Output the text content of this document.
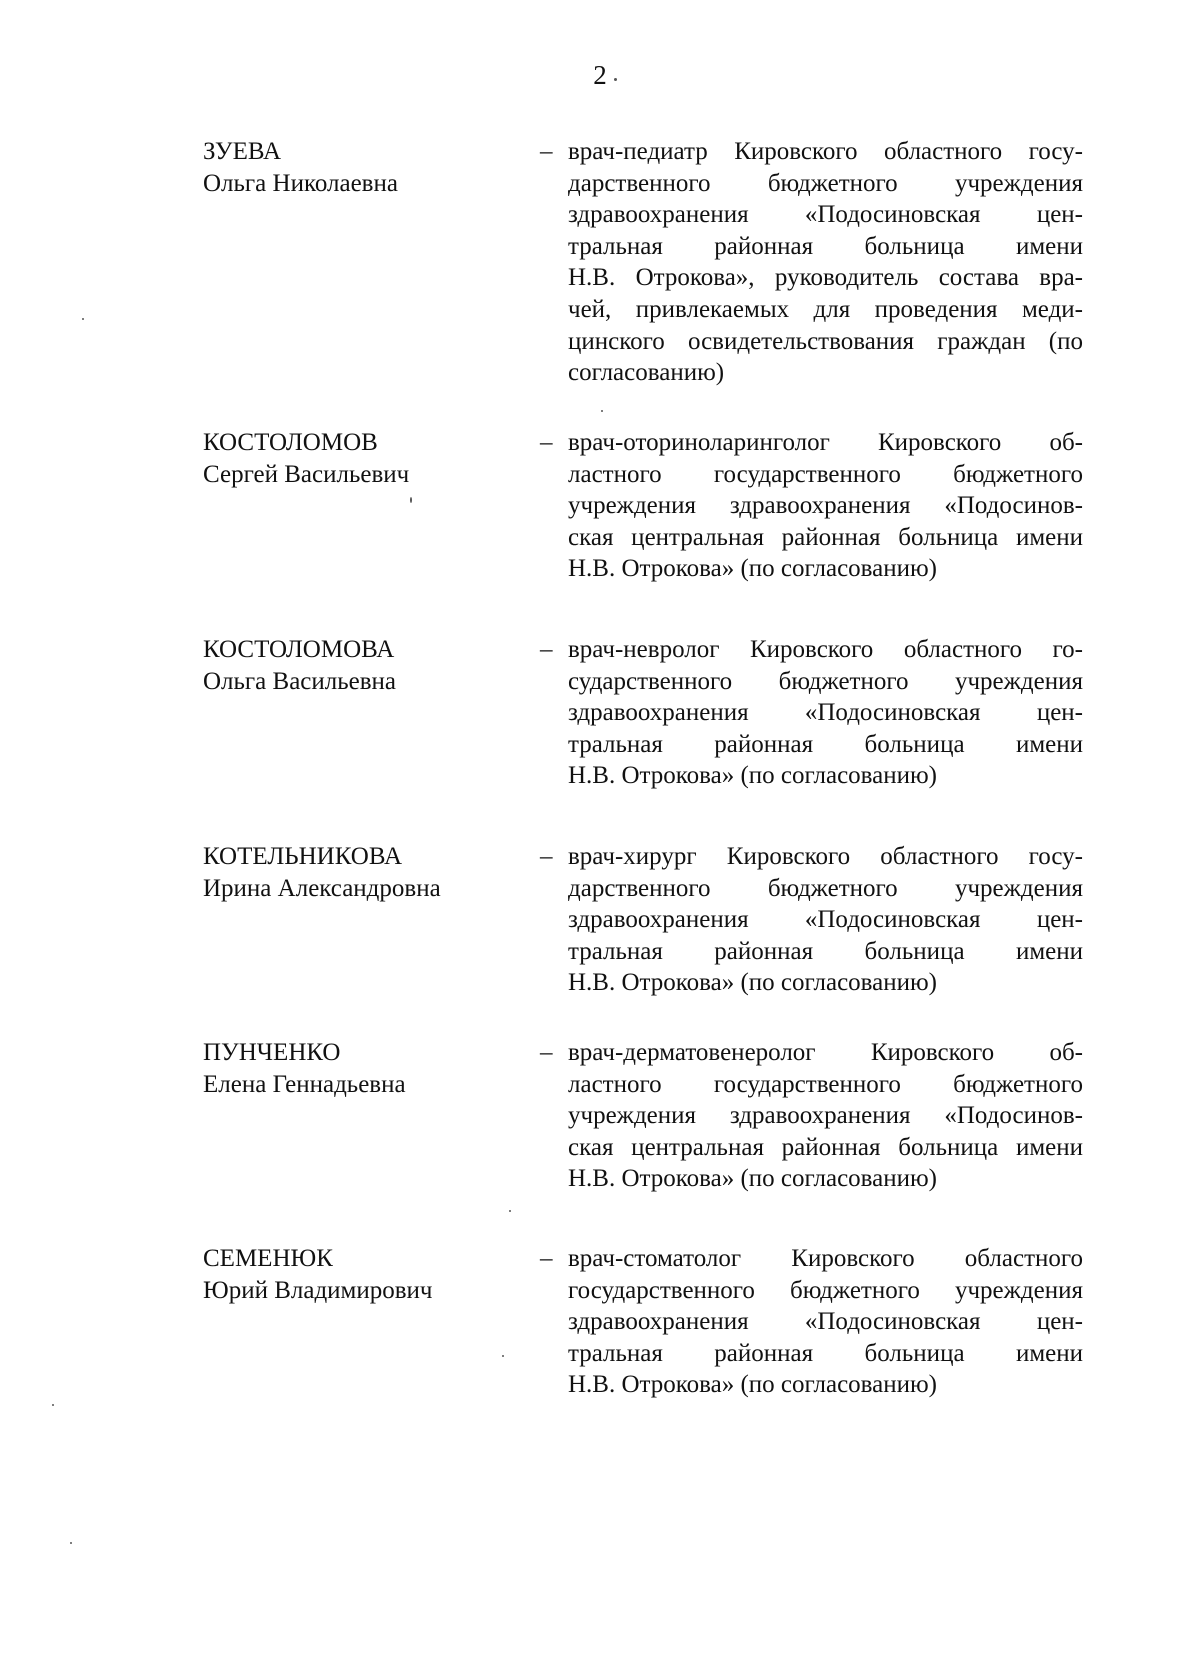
2
ЗУЕВА
Ольга Николаевна
– врач-педиатр Кировского областного госу-
дарственного бюджетного учреждения
здравоохранения «Подосиновская цен-
тральная районная больница имени
Н.В. Отрокова», руководитель состава вра-
чей, привлекаемых для проведения меди-
цинского освидетельствования граждан (по
согласованию)
КОСТОЛОМОВ
Сергей Васильевич
– врач-оториноларинголог Кировского об-
ластного государственного бюджетного
учреждения здравоохранения «Подосинов-
ская центральная районная больница имени
Н.В. Отрокова» (по согласованию)
КОСТОЛОМОВА
Ольга Васильевна
– врач-невролог Кировского областного го-
сударственного бюджетного учреждения
здравоохранения «Подосиновская цен-
тральная районная больница имени
Н.В. Отрокова» (по согласованию)
КОТЕЛЬНИКОВА
Ирина Александровна
– врач-хирург Кировского областного госу-
дарственного бюджетного учреждения
здравоохранения «Подосиновская цен-
тральная районная больница имени
Н.В. Отрокова» (по согласованию)
ПУНЧЕНКО
Елена Геннадьевна
– врач-дерматовенеролог Кировского об-
ластного государственного бюджетного
учреждения здравоохранения «Подосинов-
ская центральная районная больница имени
Н.В. Отрокова» (по согласованию)
СЕМЕНЮК
Юрий Владимирович
– врач-стоматолог Кировского областного
государственного бюджетного учреждения
здравоохранения «Подосиновская цен-
тральная районная больница имени
Н.В. Отрокова» (по согласованию)
